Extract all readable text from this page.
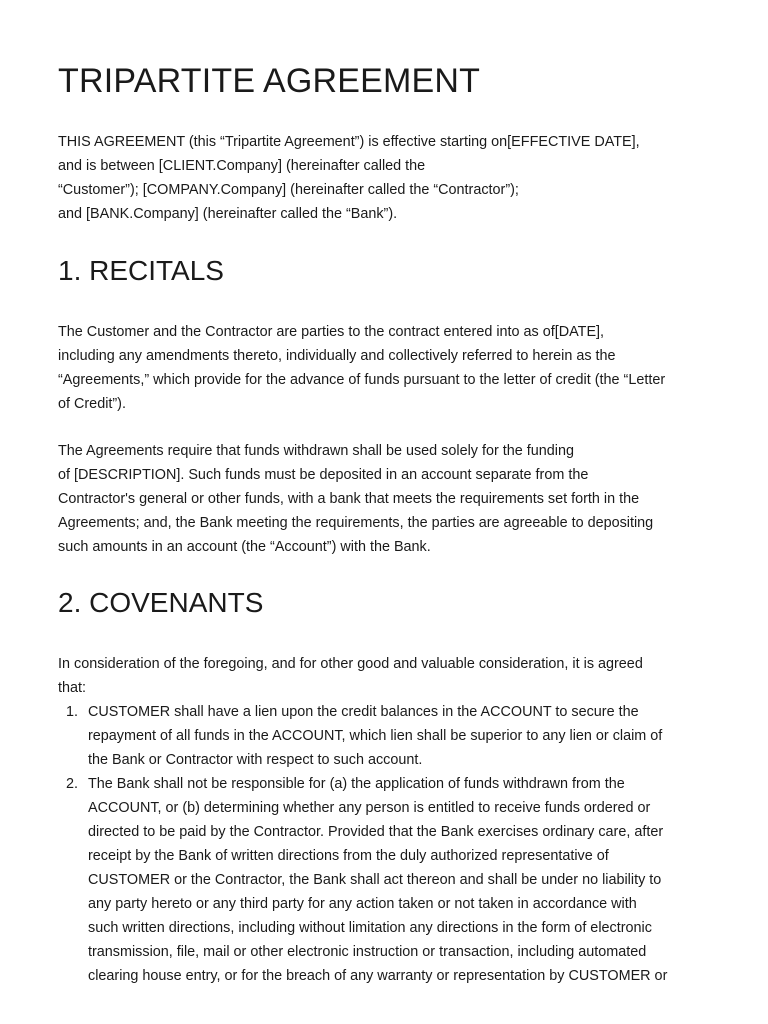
TRIPARTITE AGREEMENT
THIS AGREEMENT (this “Tripartite Agreement”) is effective starting on[EFFECTIVE DATE],
and is between [CLIENT.Company] (hereinafter called the
“Customer”); [COMPANY.Company] (hereinafter called the “Contractor”);
and [BANK.Company] (hereinafter called the “Bank”).
1. RECITALS
The Customer and the Contractor are parties to the contract entered into as of[DATE],
including any amendments thereto, individually and collectively referred to herein as the
“Agreements,” which provide for the advance of funds pursuant to the letter of credit (the “Letter
of Credit”).
The Agreements require that funds withdrawn shall be used solely for the funding
of [DESCRIPTION]. Such funds must be deposited in an account separate from the
Contractor's general or other funds, with a bank that meets the requirements set forth in the
Agreements; and, the Bank meeting the requirements, the parties are agreeable to depositing
such amounts in an account (the “Account”) with the Bank.
2. COVENANTS
In consideration of the foregoing, and for other good and valuable consideration, it is agreed
that:
1. CUSTOMER shall have a lien upon the credit balances in the ACCOUNT to secure the
repayment of all funds in the ACCOUNT, which lien shall be superior to any lien or claim of
the Bank or Contractor with respect to such account.
2. The Bank shall not be responsible for (a) the application of funds withdrawn from the
ACCOUNT, or (b) determining whether any person is entitled to receive funds ordered or
directed to be paid by the Contractor. Provided that the Bank exercises ordinary care, after
receipt by the Bank of written directions from the duly authorized representative of
CUSTOMER or the Contractor, the Bank shall act thereon and shall be under no liability to
any party hereto or any third party for any action taken or not taken in accordance with
such written directions, including without limitation any directions in the form of electronic
transmission, file, mail or other electronic instruction or transaction, including automated
clearing house entry, or for the breach of any warranty or representation by CUSTOMER or
